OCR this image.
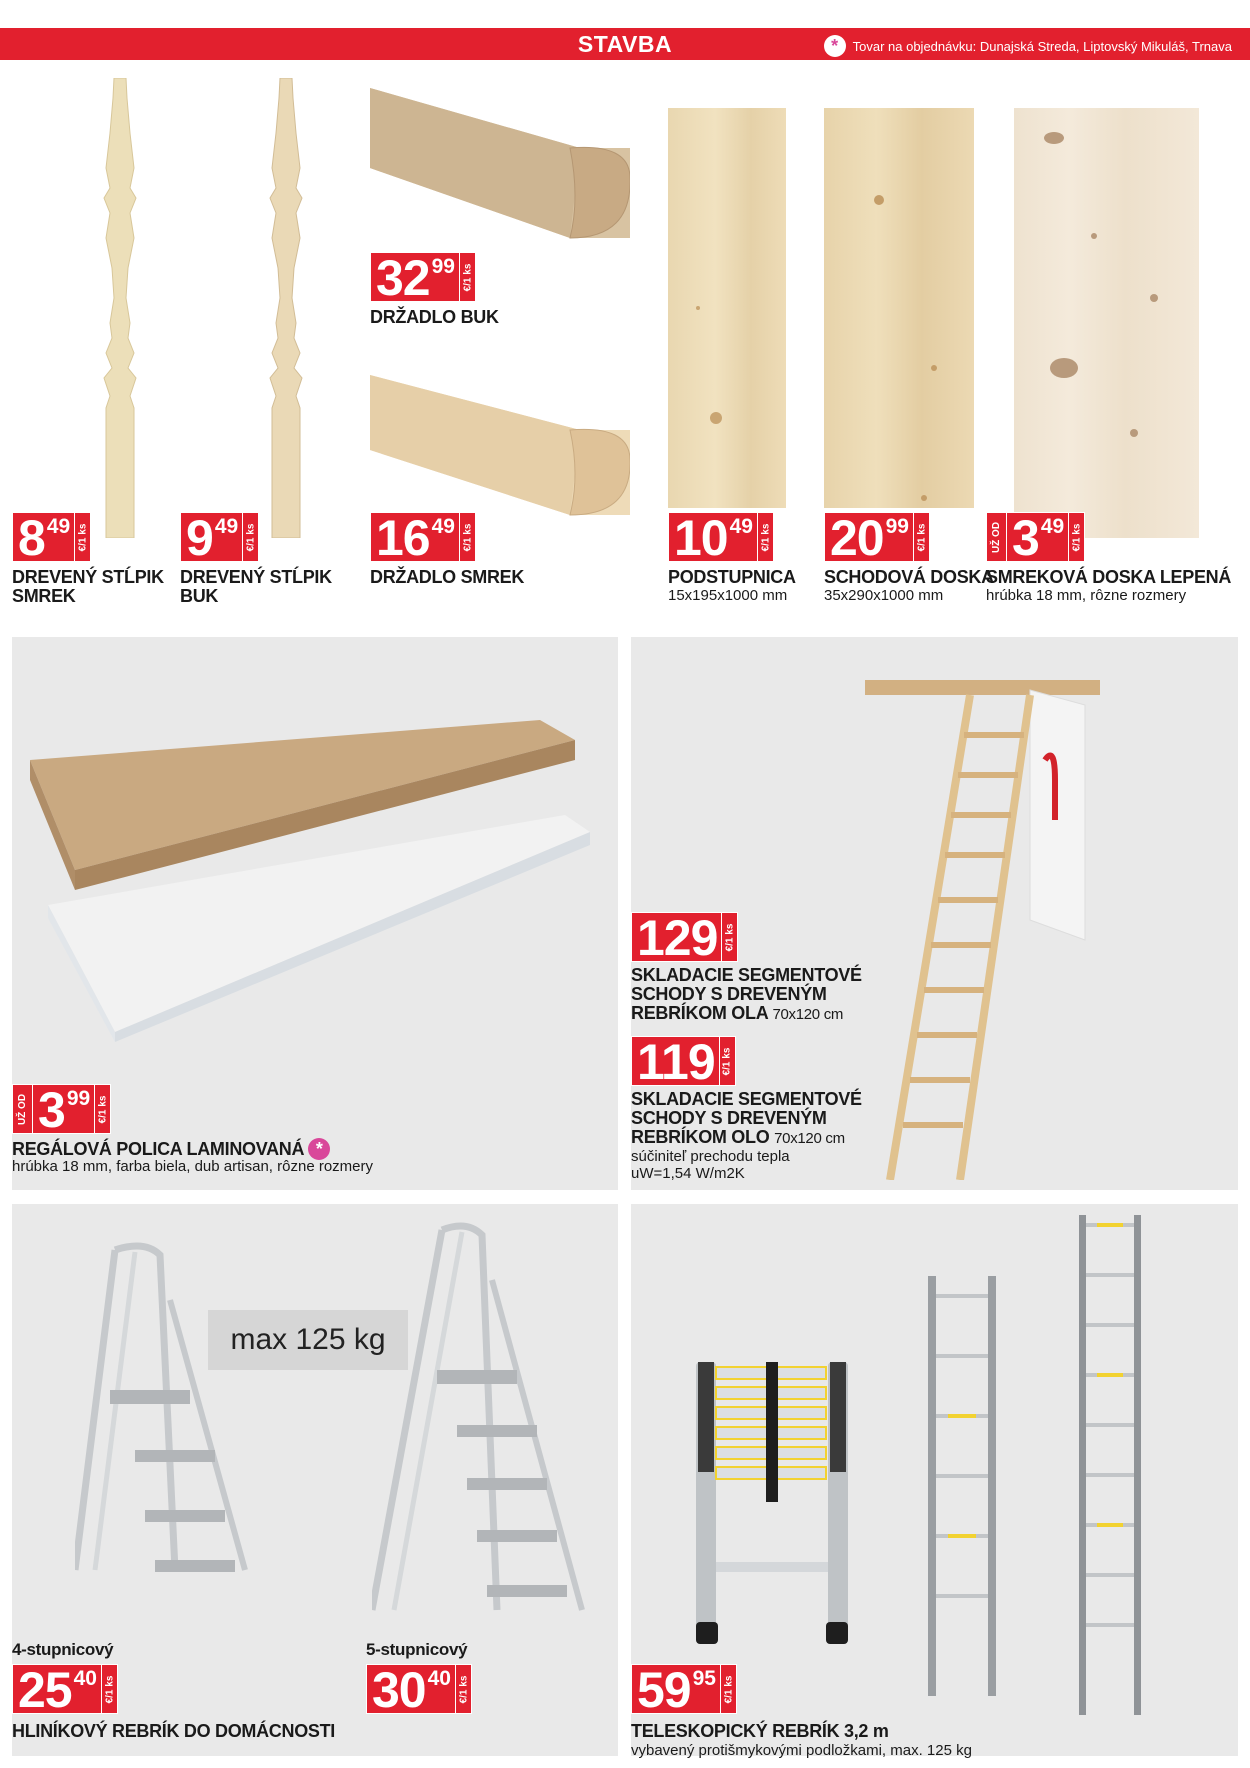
STAVBA	*	Tovar na objednávku: Dunajská Streda, Liptovský Mikuláš, Trnava
8 49 €/1 ks
DREVENÝ STĹPIK
SMREK
9 49 €/1 ks
DREVENÝ STĹPIK
BUK
32 99 €/1 ks
DRŽADLO BUK
16 49 €/1 ks
DRŽADLO SMREK
10 49 €/1 ks
PODSTUPNICA
15x195x1000 mm
20 99 €/1 ks
SCHODOVÁ DOSKA
35x290x1000 mm
UŽ OD 3 49 €/1 ks
SMREKOVÁ DOSKA LEPENÁ
hrúbka 18 mm, rôzne rozmery
UŽ OD 3 99 €/1 ks
REGÁLOVÁ POLICA LAMINOVANÁ *
hrúbka 18 mm, farba biela, dub artisan, rôzne rozmery
129 €/1 ks
SKLADACIE SEGMENTOVÉ
SCHODY S DREVENÝM
REBRÍKOM OLA 70x120 cm
119 €/1 ks
SKLADACIE SEGMENTOVÉ
SCHODY S DREVENÝM
REBRÍKOM OLO 70x120 cm
súčiniteľ prechodu tepla
uW=1,54 W/m2K
max 125 kg
4-stupnicový	5-stupnicový
25 40 €/1 ks	30 40 €/1 ks
HLINÍKOVÝ REBRÍK DO DOMÁCNOSTI
59 95 €/1 ks
TELESKOPICKÝ REBRÍK 3,2 m
vybavený protišmykovými podložkami, max. 125 kg
